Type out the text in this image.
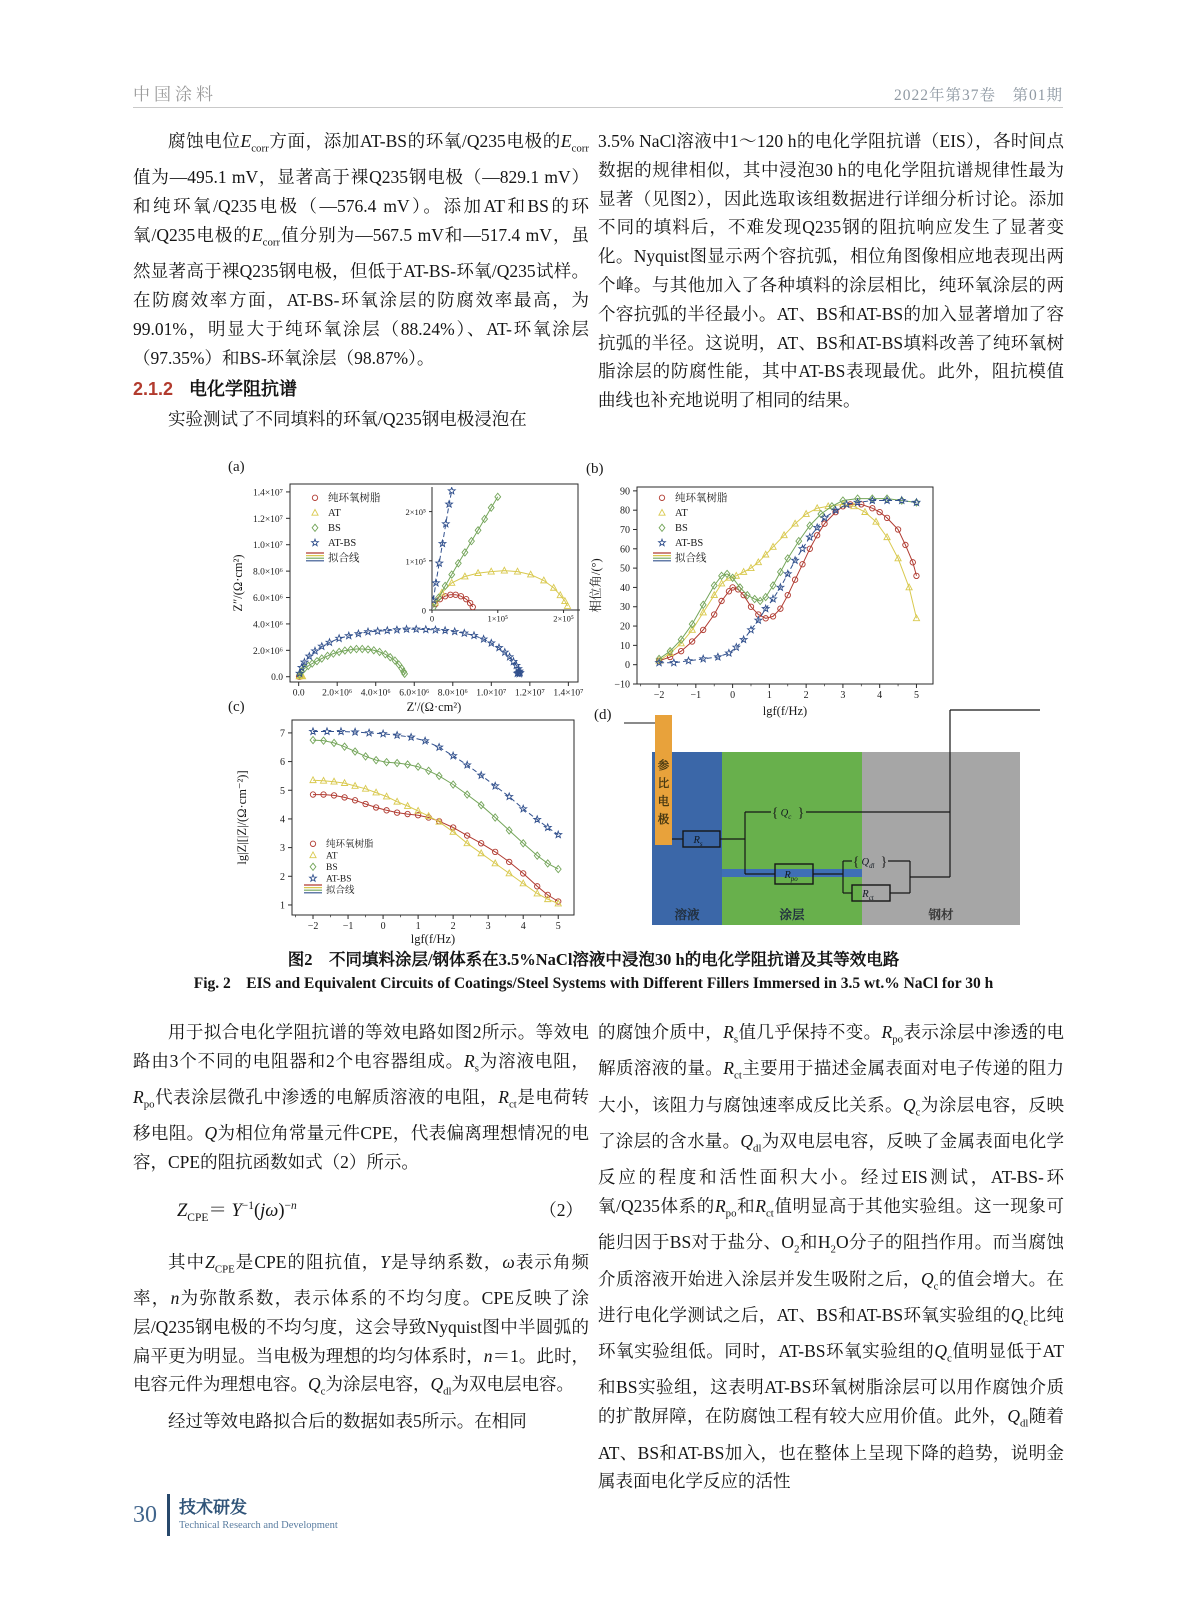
中国涂料	2022年第37卷　第01期

腐蚀电位$E_{corr}$方面，添加AT-BS的环氧/Q235电极的$E_{corr}$值为—495.1 mV，显著高于裸Q235钢电极（—829.1 mV）和纯环氧/Q235电极（—576.4 mV）。添加AT和BS的环氧/Q235电极的$E_{corr}$值分别为—567.5 mV和—517.4 mV，虽然显著高于裸Q235钢电极，但低于AT-BS-环氧/Q235试样。在防腐效率方面，AT-BS-环氧涂层的防腐效率最高，为99.01%，明显大于纯环氧涂层（88.24%）、AT-环氧涂层（97.35%）和BS-环氧涂层（98.87%）。

2.1.2 电化学阻抗谱

实验测试了不同填料的环氧/Q235钢电极浸泡在

3.5% NaCl溶液中1～120 h的电化学阻抗谱（EIS），各时间点数据的规律相似，其中浸泡30 h的电化学阻抗谱规律性最为显著（见图2），因此选取该组数据进行详细分析讨论。添加不同的填料后，不难发现Q235钢的阻抗响应发生了显著变化。Nyquist图显示两个容抗弧，相位角图像相应地表现出两个峰。与其他加入了各种填料的涂层相比，纯环氧涂层的两个容抗弧的半径最小。AT、BS和AT-BS的加入显著增加了容抗弧的半径。这说明，AT、BS和AT-BS填料改善了纯环氧树脂涂层的防腐性能，其中AT-BS表现最优。此外，阻抗模值曲线也补充地说明了相同的结果。

(a)
0.0 2.0×10⁶ 4.0×10⁶ 6.0×10⁶ 8.0×10⁶ 1.0×10⁷ 1.2×10⁷ 1.4×10⁷
0.0
2.0×10⁶
4.0×10⁶
6.0×10⁶
8.0×10⁶
1.0×10⁷
1.2×10⁷
1.4×10⁷
Z′/(Ω·cm²)
Z″/(Ω·cm²)
纯环氧树脂
AT
BS
AT-BS
拟合线
0	1×10⁵	2×10⁵
0
1×10⁵
2×10⁵
(b)
−2	−1	0	1	2	3	4	5
−10
0
10
20
30
40
50
60
70
80
90
lgf(f/Hz)
相位角/(°)
纯环氧树脂
AT
BS
AT-BS
拟合线
(c)
−2 −1	0	1	2	3	4	5
1
2
3
4
5
6
7
lgf(f/Hz)
lg|Z|[|Z|/(Ω·cm⁻²)]	纯环氧树脂
AT
BS
AT-BS
拟合线
(d)
参
比
电
极
$R_s$
$R_{po}$
$R_{ct}$
{ $Q_c$ }
{ $Q_{dl}$ }
溶液	涂层	钢材
图2　不同填料涂层/钢体系在3.5%NaCl溶液中浸泡30 h的电化学阻抗谱及其等效电路
Fig. 2　EIS and Equivalent Circuits of Coatings/Steel Systems with Different Fillers Immersed in 3.5 wt.% NaCl for 30 h

用于拟合电化学阻抗谱的等效电路如图2所示。等效电路由3个不同的电阻器和2个电容器组成。$R_s$为溶液电阻，$R_{po}$代表涂层微孔中渗透的电解质溶液的电阻，$R_{ct}$是电荷转移电阻。Q为相位角常量元件CPE，代表偏离理想情况的电容，CPE的阻抗函数如式（2）所示。

$Z_{CPE}= Y^{-1}(j\omega)^{-n}$	（2）

其中$Z_{CPE}$是CPE的阻抗值，Y是导纳系数，ω表示角频率，n为弥散系数，表示体系的不均匀度。CPE反映了涂层/Q235钢电极的不均匀度，这会导致Nyquist图中半圆弧的扁平更为明显。当电极为理想的均匀体系时，n＝1。此时，电容元件为理想电容。$Q_c$为涂层电容，$Q_{dl}$为双电层电容。

经过等效电路拟合后的数据如表5所示。在相同

的腐蚀介质中，$R_s$值几乎保持不变。$R_{po}$表示涂层中渗透的电解质溶液的量。$R_{ct}$主要用于描述金属表面对电子传递的阻力大小，该阻力与腐蚀速率成反比关系。$Q_c$为涂层电容，反映了涂层的含水量。$Q_{dl}$为双电层电容，反映了金属表面电化学反应的程度和活性面积大小。经过EIS测试，AT-BS-环氧/Q235体系的$R_{po}$和$R_{ct}$值明显高于其他实验组。这一现象可能归因于BS对于盐分、$O_2$和$H_2O$分子的阻挡作用。而当腐蚀介质溶液开始进入涂层并发生吸附之后，$Q_c$的值会增大。在进行电化学测试之后，AT、BS和AT-BS环氧实验组的$Q_c$比纯环氧实验组低。同时，AT-BS环氧实验组的$Q_c$值明显低于AT和BS实验组，这表明AT-BS环氧树脂涂层可以用作腐蚀介质的扩散屏障，在防腐蚀工程有较大应用价值。此外，$Q_{dl}$随着AT、BS和AT-BS加入，也在整体上呈现下降的趋势，说明金属表面电化学反应的活性

30 技术研发
Technical Research and Development
